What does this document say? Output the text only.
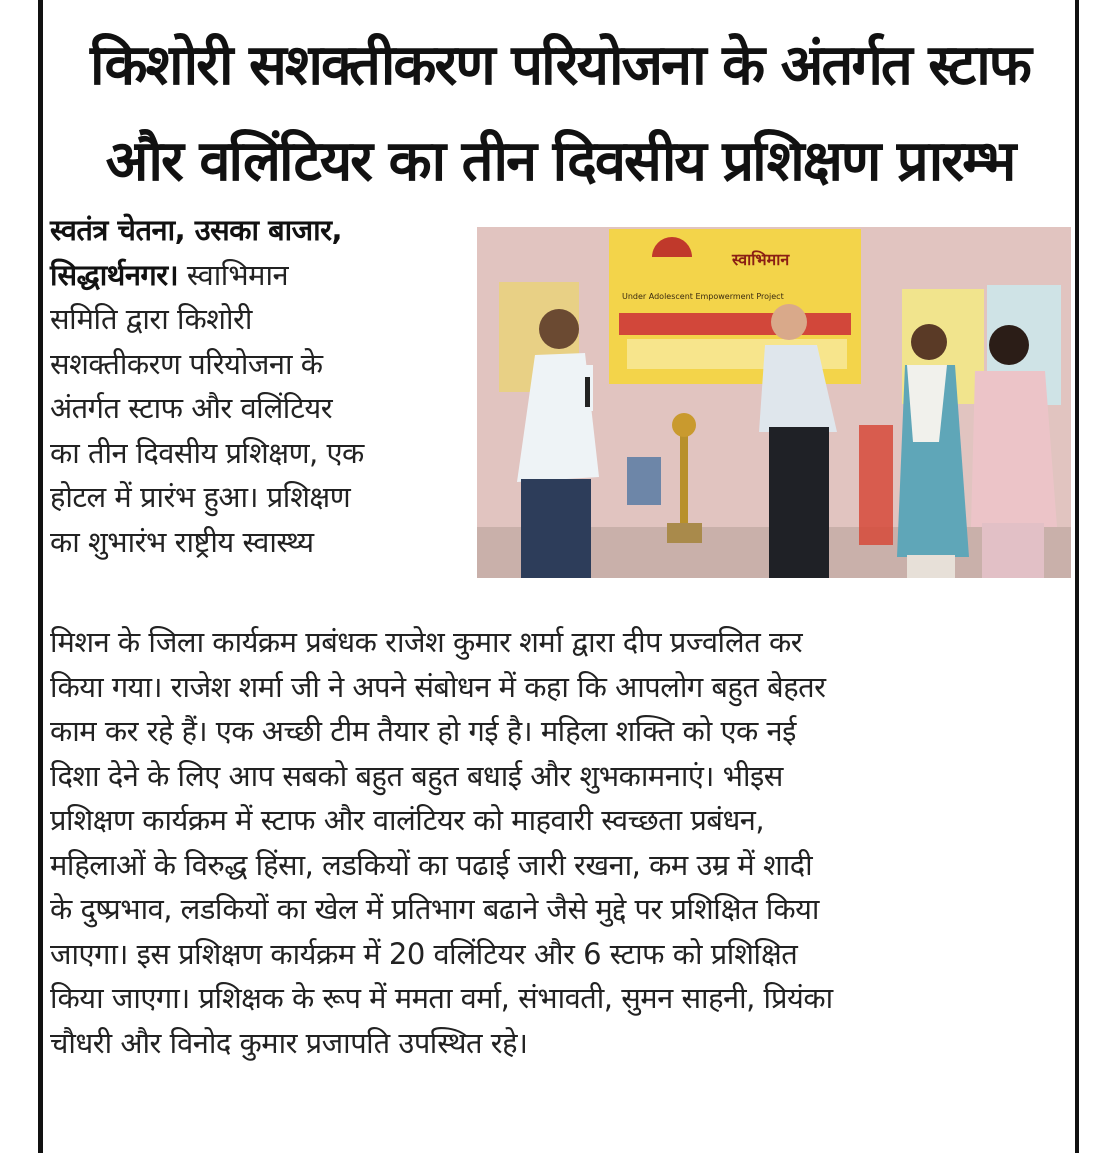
किशोरी सशक्तीकरण परियोजना के अंतर्गत स्टाफ
और वलिंटियर का तीन दिवसीय प्रशिक्षण प्रारम्भ

स्वतंत्र चेतना, उसका बाजार,

सिद्धार्थनगर। स्वाभिमान

समिति द्वारा किशोरी

सशक्तीकरण परियोजना के

अंतर्गत स्टाफ और वलिंटियर

का तीन दिवसीय प्रशिक्षण, एक

होटल में प्रारंभ हुआ। प्रशिक्षण

का शुभारंभ राष्ट्रीय स्वास्थ्य

स्वाभिमान
Under Adolescent Empowerment Project

मिशन के जिला कार्यक्रम प्रबंधक राजेश कुमार शर्मा द्वारा दीप प्रज्वलित कर

किया गया। राजेश शर्मा जी ने अपने संबोधन में कहा कि आपलोग बहुत बेहतर

काम कर रहे हैं। एक अच्छी टीम तैयार हो गई है। महिला शक्ति को एक नई

दिशा देने के लिए आप सबको बहुत बहुत बधाई और शुभकामनाएं। भीइस

प्रशिक्षण कार्यक्रम में स्टाफ और वालंटियर को माहवारी स्वच्छता प्रबंधन,

महिलाओं के विरुद्ध हिंसा, लडकियों का पढाई जारी रखना, कम उम्र में शादी

के दुष्प्रभाव, लडकियों का खेल में प्रतिभाग बढाने जैसे मुद्दे पर प्रशिक्षित किया

जाएगा। इस प्रशिक्षण कार्यक्रम में 20 वलिंटियर और 6 स्टाफ को प्रशिक्षित

किया जाएगा। प्रशिक्षक के रूप में ममता वर्मा, संभावती, सुमन साहनी, प्रियंका

चौधरी और विनोद कुमार प्रजापति उपस्थित रहे।
